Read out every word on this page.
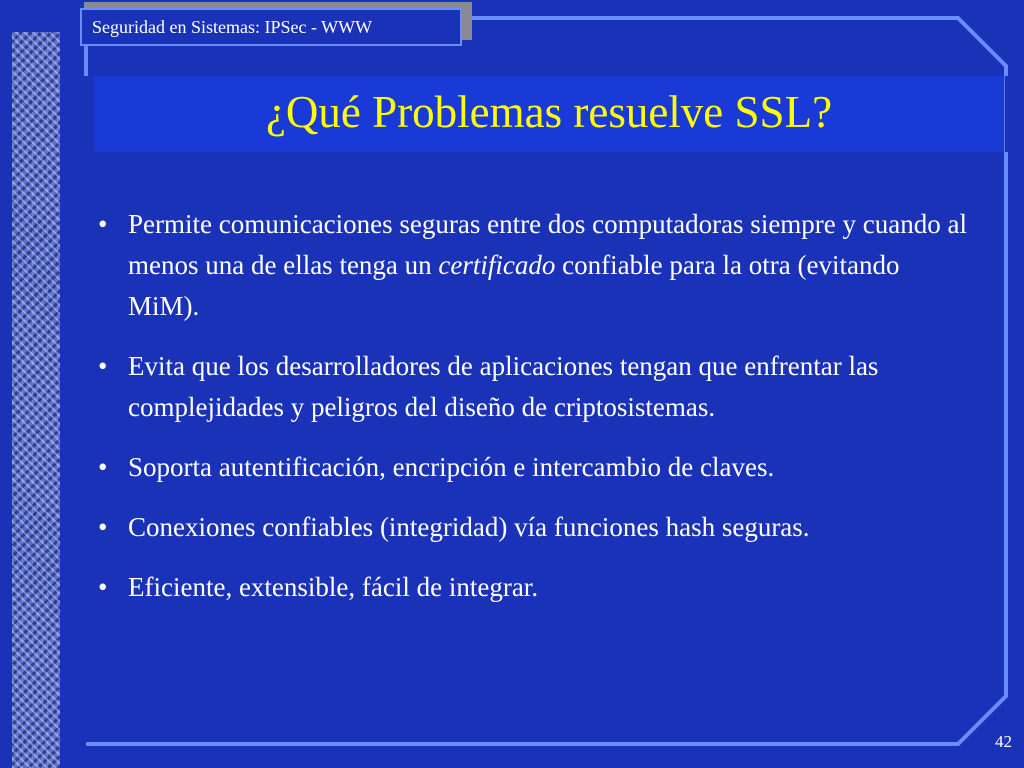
Seguridad en Sistemas: IPSec - WWW
¿Qué Problemas resuelve SSL?
• Permite comunicaciones seguras entre dos computadoras siempre y cuando al menos una de ellas tenga un certificado confiable para la otra (evitando MiM).
• Evita que los desarrolladores de aplicaciones tengan que enfrentar las complejidades y peligros del diseño de criptosistemas.
• Soporta autentificación, encripción e intercambio de claves.
• Conexiones confiables (integridad) vía funciones hash seguras.
• Eficiente, extensible, fácil de integrar.
42
